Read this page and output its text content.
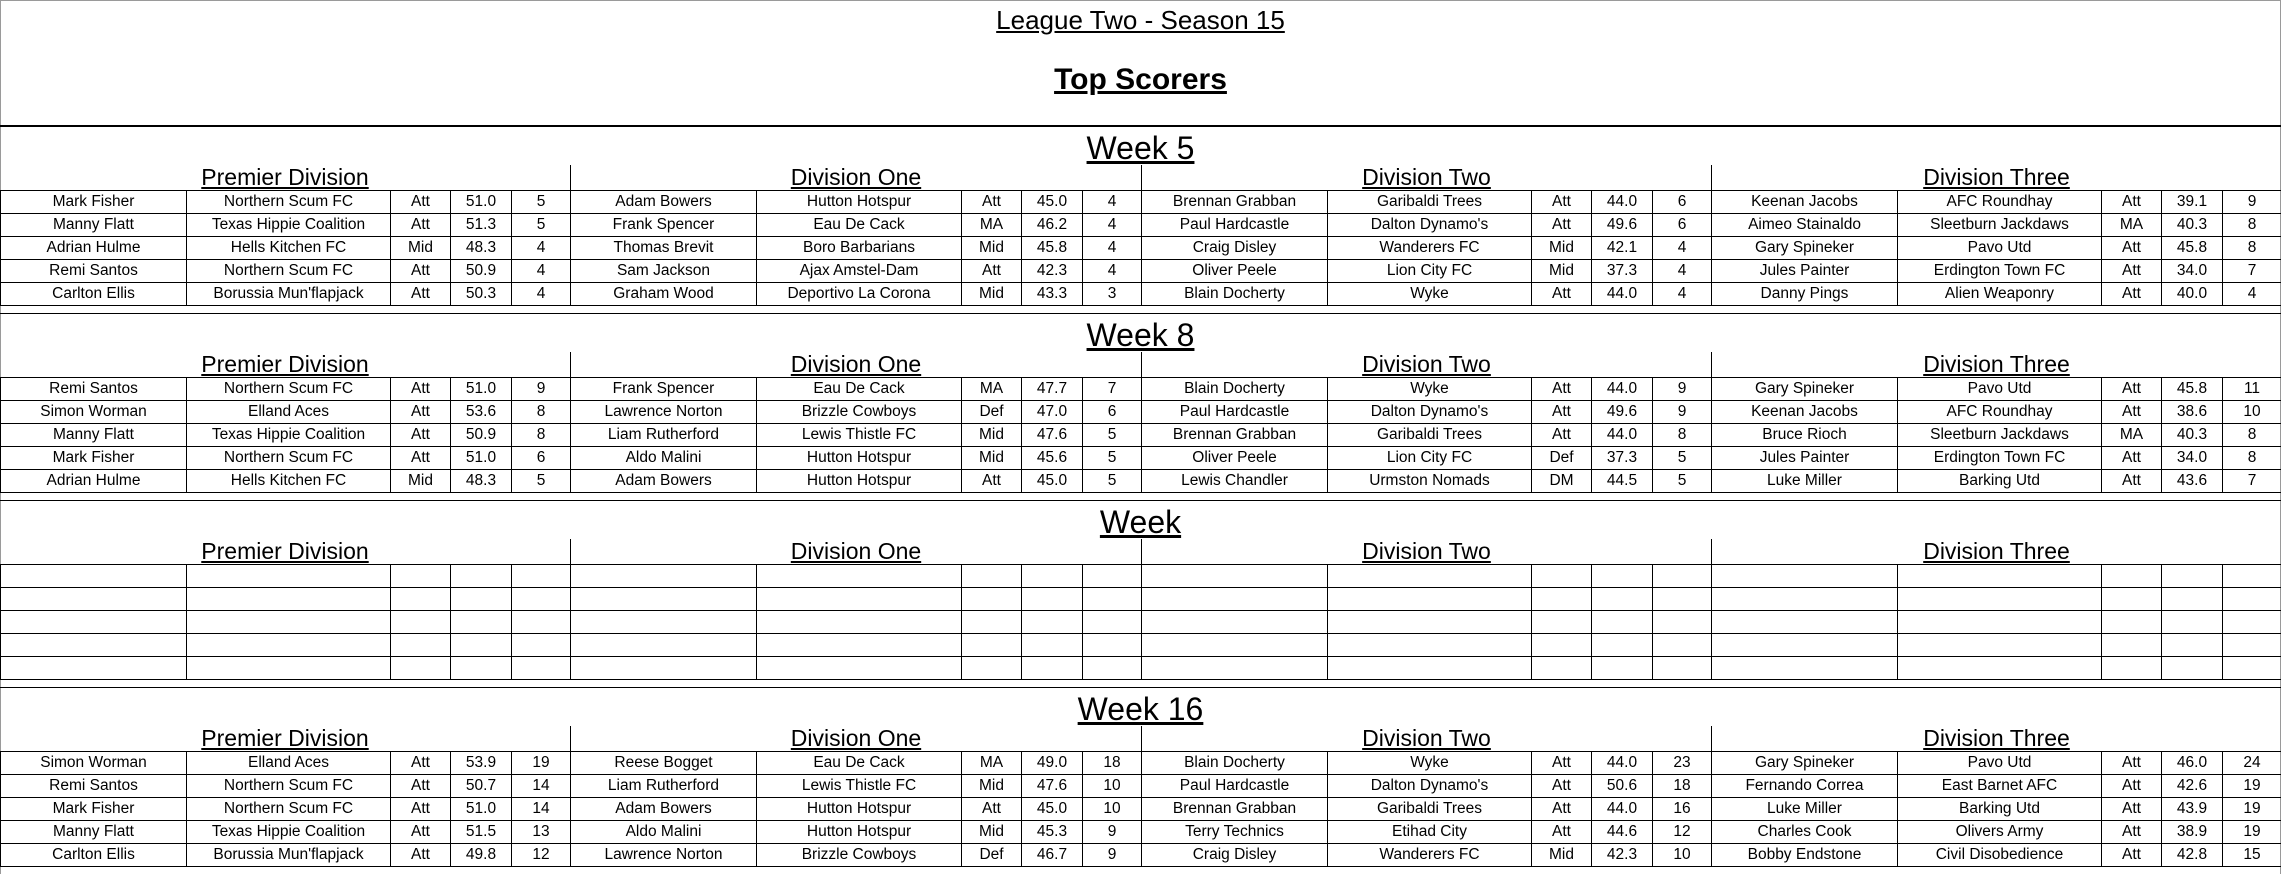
League Two - Season 15
Top Scorers
Week 5
Premier Division
Mark Fisher	Northern Scum FC	Att	51.0	5
Manny Flatt	Texas Hippie Coalition	Att	51.3	5
Adrian Hulme	Hells Kitchen FC	Mid	48.3	4
Remi Santos	Northern Scum FC	Att	50.9	4
Carlton Ellis	Borussia Mun'flapjack	Att	50.3	4
Division One
Adam Bowers	Hutton Hotspur	Att	45.0	4
Frank Spencer	Eau De Cack	MA	46.2	4
Thomas Brevit	Boro Barbarians	Mid	45.8	4
Sam Jackson	Ajax Amstel-Dam	Att	42.3	4
Graham Wood	Deportivo La Corona	Mid	43.3	3
Division Two
Brennan Grabban	Garibaldi Trees	Att	44.0	6
Paul Hardcastle	Dalton Dynamo's	Att	49.6	6
Craig Disley	Wanderers FC	Mid	42.1	4
Oliver Peele	Lion City FC	Mid	37.3	4
Blain Docherty	Wyke	Att	44.0	4
Division Three
Keenan Jacobs	AFC Roundhay	Att	39.1	9
Aimeo Stainaldo	Sleetburn Jackdaws	MA	40.3	8
Gary Spineker	Pavo Utd	Att	45.8	8
Jules Painter	Erdington Town FC	Att	34.0	7
Danny Pings	Alien Weaponry	Att	40.0	4
Week 8
Premier Division
Remi Santos	Northern Scum FC	Att	51.0	9
Simon Worman	Elland Aces	Att	53.6	8
Manny Flatt	Texas Hippie Coalition	Att	50.9	8
Mark Fisher	Northern Scum FC	Att	51.0	6
Adrian Hulme	Hells Kitchen FC	Mid	48.3	5
Division One
Frank Spencer	Eau De Cack	MA	47.7	7
Lawrence Norton	Brizzle Cowboys	Def	47.0	6
Liam Rutherford	Lewis Thistle FC	Mid	47.6	5
Aldo Malini	Hutton Hotspur	Mid	45.6	5
Adam Bowers	Hutton Hotspur	Att	45.0	5
Division Two
Blain Docherty	Wyke	Att	44.0	9
Paul Hardcastle	Dalton Dynamo's	Att	49.6	9
Brennan Grabban	Garibaldi Trees	Att	44.0	8
Oliver Peele	Lion City FC	Def	37.3	5
Lewis Chandler	Urmston Nomads	DM	44.5	5
Division Three
Gary Spineker	Pavo Utd	Att	45.8	11
Keenan Jacobs	AFC Roundhay	Att	38.6	10
Bruce Rioch	Sleetburn Jackdaws	MA	40.3	8
Jules Painter	Erdington Town FC	Att	34.0	8
Luke Miller	Barking Utd	Att	43.6	7
Week
Premier Division

					Division One

					Division Two

					Division Three

Week 16
Premier Division
Simon Worman	Elland Aces	Att	53.9	19
Remi Santos	Northern Scum FC	Att	50.7	14
Mark Fisher	Northern Scum FC	Att	51.0	14
Manny Flatt	Texas Hippie Coalition	Att	51.5	13
Carlton Ellis	Borussia Mun'flapjack	Att	49.8	12
Division One
Reese Bogget	Eau De Cack	MA	49.0	18
Liam Rutherford	Lewis Thistle FC	Mid	47.6	10
Adam Bowers	Hutton Hotspur	Att	45.0	10
Aldo Malini	Hutton Hotspur	Mid	45.3	9
Lawrence Norton	Brizzle Cowboys	Def	46.7	9
Division Two
Blain Docherty	Wyke	Att	44.0	23
Paul Hardcastle	Dalton Dynamo's	Att	50.6	18
Brennan Grabban	Garibaldi Trees	Att	44.0	16
Terry Technics	Etihad City	Att	44.6	12
Craig Disley	Wanderers FC	Mid	42.3	10
Division Three
Gary Spineker	Pavo Utd	Att	46.0	24
Fernando Correa	East Barnet AFC	Att	42.6	19
Luke Miller	Barking Utd	Att	43.9	19
Charles Cook	Olivers Army	Att	38.9	19
Bobby Endstone	Civil Disobedience	Att	42.8	15
